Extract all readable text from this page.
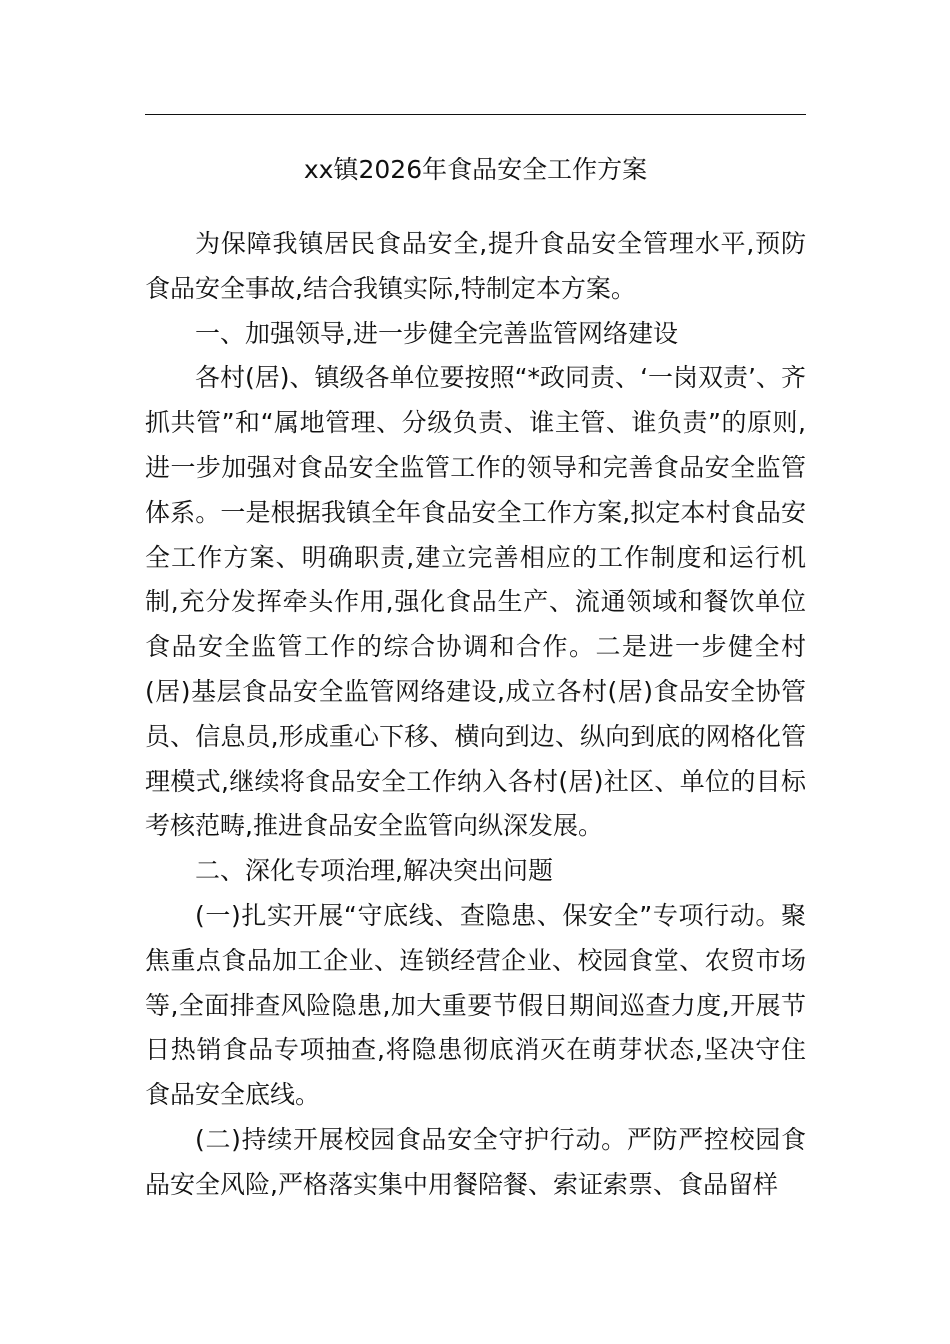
xx镇2026年食品安全工作方案

为保障我镇居民食品安全,提升食品安全管理水平,预防食品安全事故,结合我镇实际,特制定本方案。

一、加强领导,进一步健全完善监管网络建设

各村(居)、镇级各单位要按照“*政同责、‘一岗双责’、齐抓共管”和“属地管理、分级负责、谁主管、谁负责”的原则,进一步加强对食品安全监管工作的领导和完善食品安全监管体系。一是根据我镇全年食品安全工作方案,拟定本村食品安全工作方案、明确职责,建立完善相应的工作制度和运行机制,充分发挥牵头作用,强化食品生产、流通领域和餐饮单位食品安全监管工作的综合协调和合作。二是进一步健全村(居)基层食品安全监管网络建设,成立各村(居)食品安全协管员、信息员,形成重心下移、横向到边、纵向到底的网格化管理模式,继续将食品安全工作纳入各村(居)社区、单位的目标考核范畴,推进食品安全监管向纵深发展。

二、深化专项治理,解决突出问题

(一)扎实开展“守底线、查隐患、保安全”专项行动。聚焦重点食品加工企业、连锁经营企业、校园食堂、农贸市场等,全面排查风险隐患,加大重要节假日期间巡查力度,开展节日热销食品专项抽查,将隐患彻底消灭在萌芽状态,坚决守住食品安全底线。

(二)持续开展校园食品安全守护行动。严防严控校园食品安全风险,严格落实集中用餐陪餐、索证索票、食品留样
